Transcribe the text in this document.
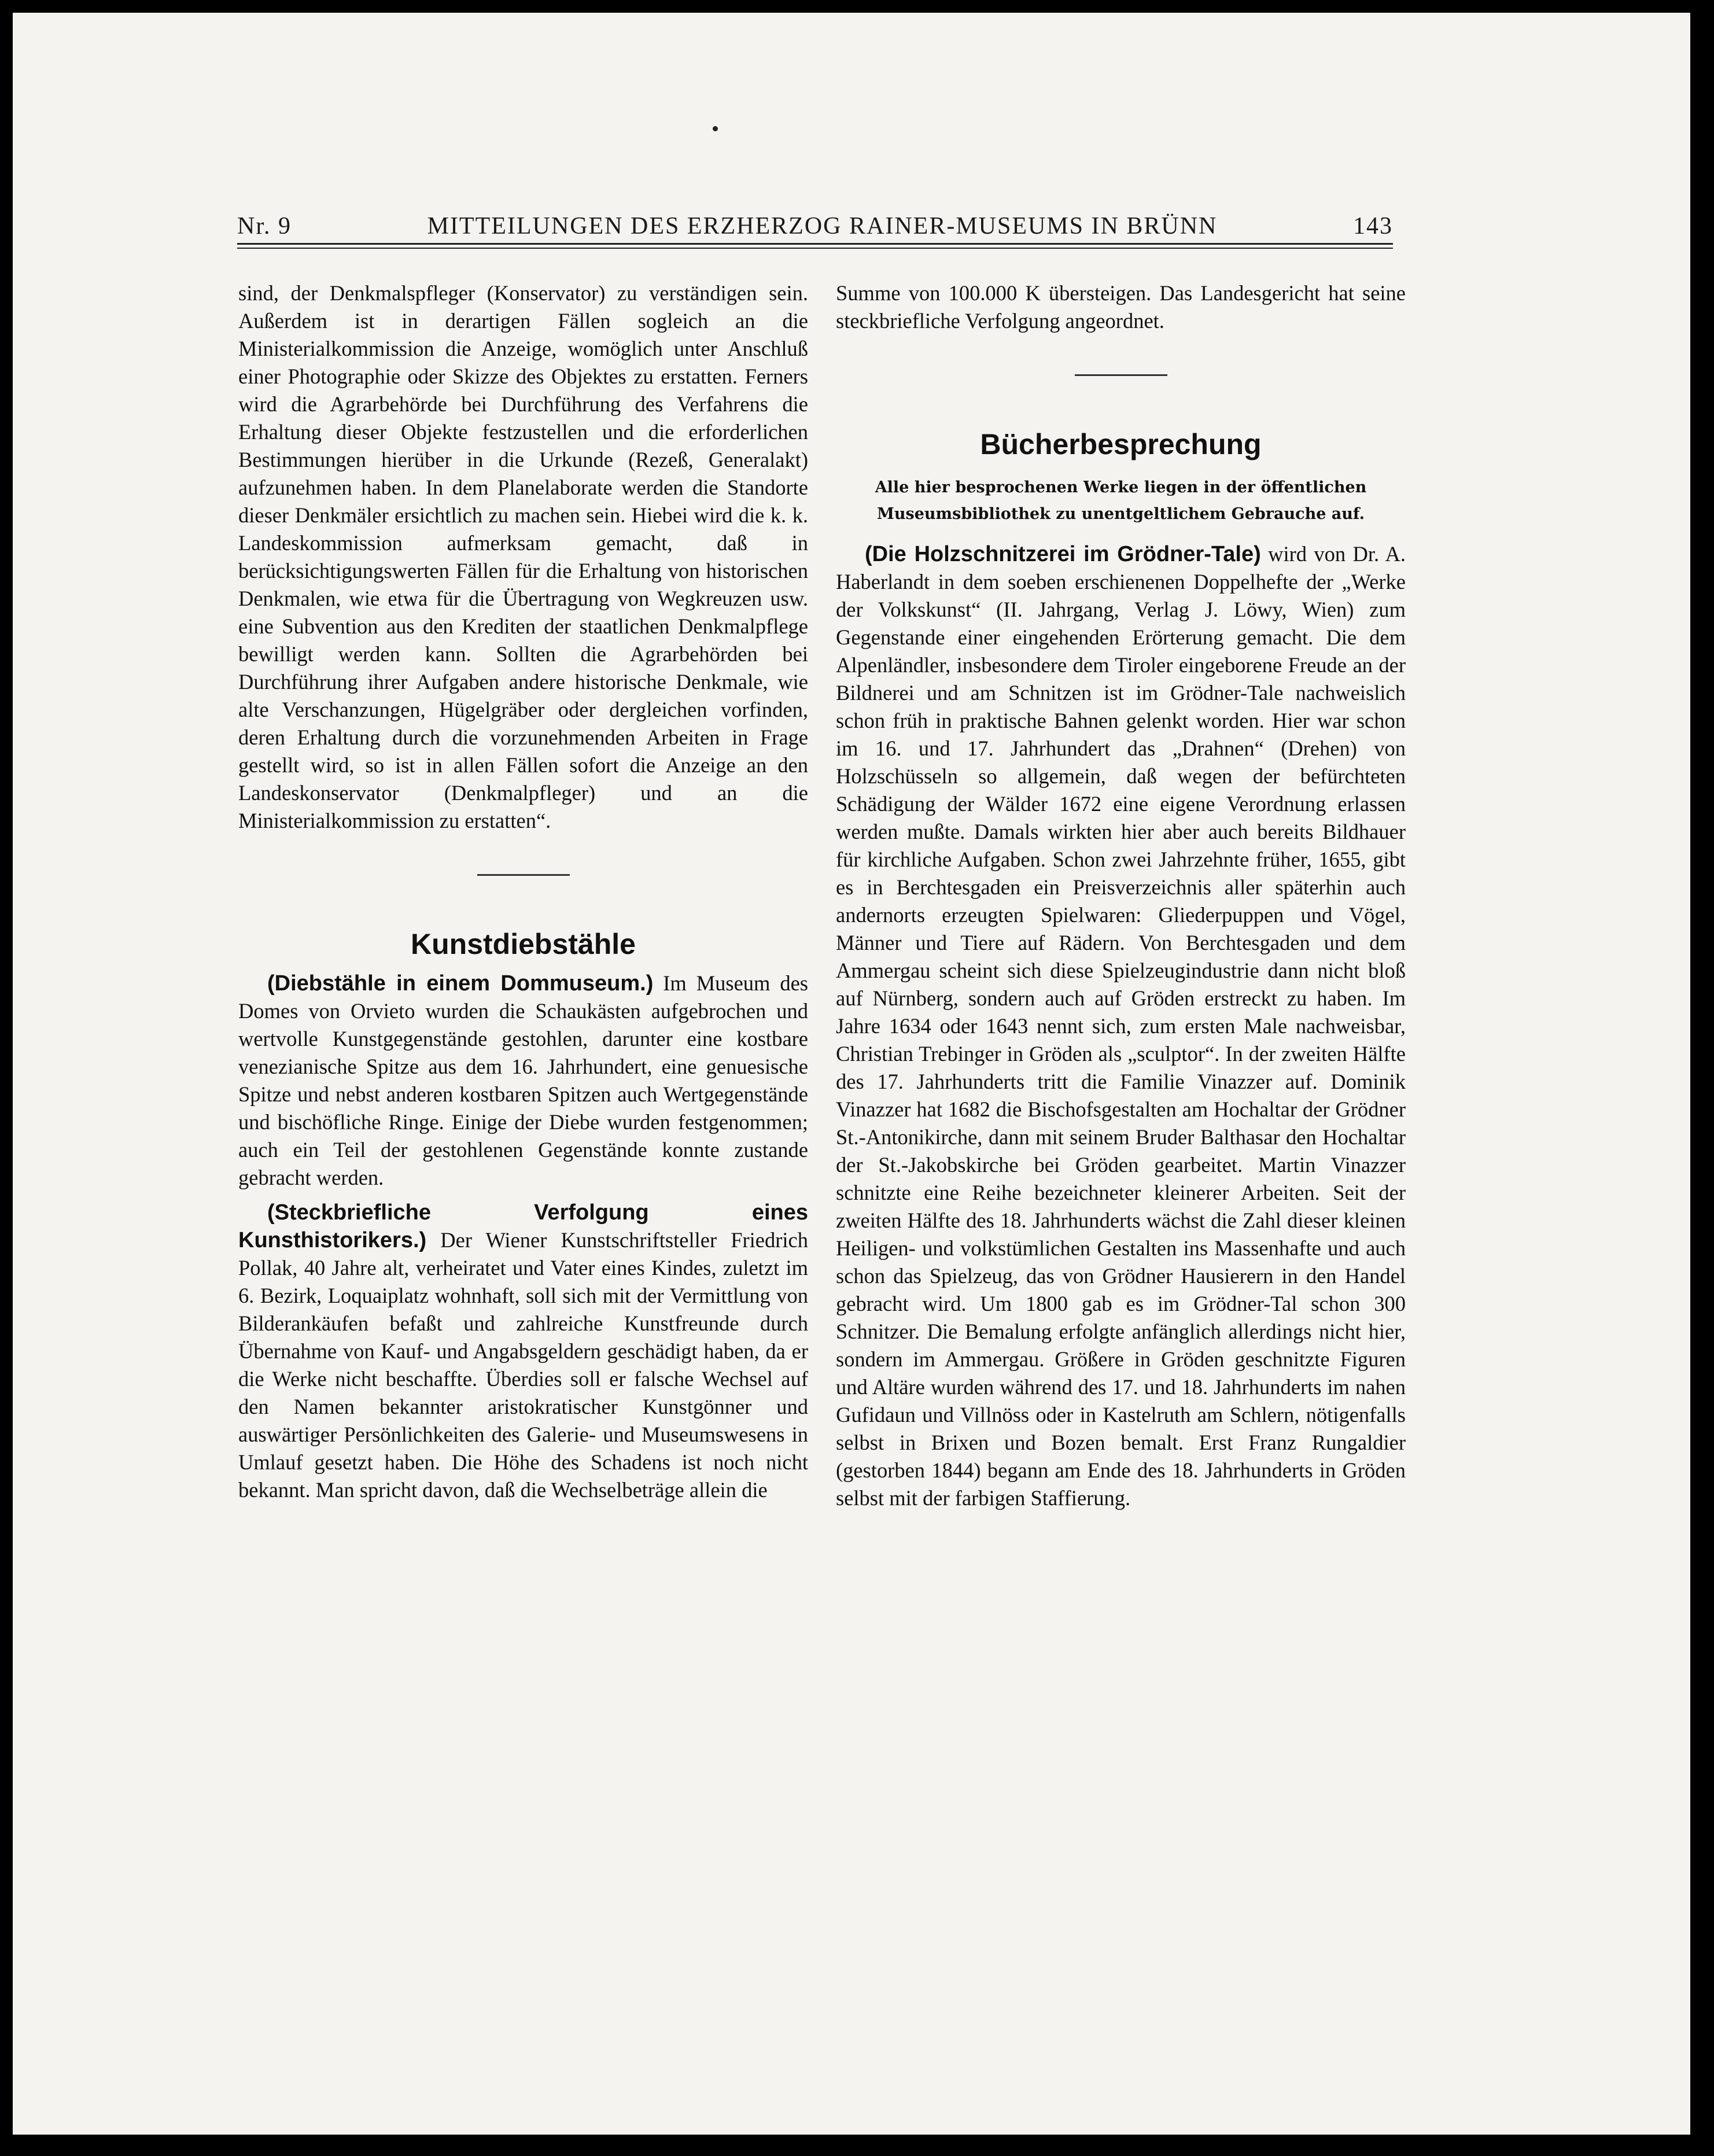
Nr. 9	MITTEILUNGEN DES ERZHERZOG RAINER-MUSEUMS IN BRÜNN	143

sind, der Denkmalspfleger (Konservator) zu verständigen sein. Außerdem ist in derartigen Fällen sogleich an die Ministerialkommission die Anzeige, womöglich unter Anschluß einer Photographie oder Skizze des Objektes zu erstatten. Ferners wird die Agrarbehörde bei Durchführung des Verfahrens die Erhaltung dieser Objekte festzustellen und die erforderlichen Bestimmungen hierüber in die Urkunde (Rezeß, Generalakt) aufzunehmen haben. In dem Planelaborate werden die Standorte dieser Denkmäler ersichtlich zu machen sein. Hiebei wird die k. k. Landeskommission aufmerksam gemacht, daß in berücksichtigungswerten Fällen für die Erhaltung von historischen Denkmalen, wie etwa für die Übertragung von Wegkreuzen usw. eine Subvention aus den Krediten der staatlichen Denkmalpflege bewilligt werden kann. Sollten die Agrarbehörden bei Durchführung ihrer Aufgaben andere historische Denkmale, wie alte Verschanzungen, Hügelgräber oder dergleichen vorfinden, deren Erhaltung durch die vorzunehmenden Arbeiten in Frage gestellt wird, so ist in allen Fällen sofort die Anzeige an den Landeskonservator (Denkmalpfleger) und an die Ministerialkommission zu erstatten“.

Kunstdiebstähle

(Diebstähle in einem Dommuseum.) Im Museum des Domes von Orvieto wurden die Schaukästen aufgebrochen und wertvolle Kunstgegenstände gestohlen, darunter eine kostbare venezianische Spitze aus dem 16. Jahrhundert, eine genuesische Spitze und nebst anderen kostbaren Spitzen auch Wertgegenstände und bischöfliche Ringe. Einige der Diebe wurden festgenommen; auch ein Teil der gestohlenen Gegenstände konnte zustande gebracht werden.

(Steckbriefliche Verfolgung eines Kunsthistorikers.) Der Wiener Kunstschriftsteller Friedrich Pollak, 40 Jahre alt, verheiratet und Vater eines Kindes, zuletzt im 6. Bezirk, Loquaiplatz wohnhaft, soll sich mit der Vermittlung von Bilderankäufen befaßt und zahlreiche Kunstfreunde durch Übernahme von Kauf- und Angabsgeldern geschädigt haben, da er die Werke nicht beschaffte. Überdies soll er falsche Wechsel auf den Namen bekannter aristokratischer Kunstgönner und auswärtiger Persönlichkeiten des Galerie- und Museumswesens in Umlauf gesetzt haben. Die Höhe des Schadens ist noch nicht bekannt. Man spricht davon, daß die Wechselbeträge allein die

Summe von 100.000 K übersteigen. Das Landesgericht hat seine steckbriefliche Verfolgung angeordnet.

Bücherbesprechung
Alle hier besprochenen Werke liegen in der öffentlichen Museumsbibliothek zu unentgeltlichem Gebrauche auf.

(Die Holzschnitzerei im Grödner-Tale) wird von Dr. A. Haberlandt in dem soeben erschienenen Doppelhefte der „Werke der Volkskunst“ (II. Jahrgang, Verlag J. Löwy, Wien) zum Gegenstande einer eingehenden Erörterung gemacht. Die dem Alpenländler, insbesondere dem Tiroler eingeborene Freude an der Bildnerei und am Schnitzen ist im Grödner-Tale nachweislich schon früh in praktische Bahnen gelenkt worden. Hier war schon im 16. und 17. Jahrhundert das „Drahnen“ (Drehen) von Holzschüsseln so allgemein, daß wegen der befürchteten Schädigung der Wälder 1672 eine eigene Verordnung erlassen werden mußte. Damals wirkten hier aber auch bereits Bildhauer für kirchliche Aufgaben. Schon zwei Jahrzehnte früher, 1655, gibt es in Berchtesgaden ein Preisverzeichnis aller späterhin auch andernorts erzeugten Spielwaren: Gliederpuppen und Vögel, Männer und Tiere auf Rädern. Von Berchtesgaden und dem Ammergau scheint sich diese Spielzeugindustrie dann nicht bloß auf Nürnberg, sondern auch auf Gröden erstreckt zu haben. Im Jahre 1634 oder 1643 nennt sich, zum ersten Male nachweisbar, Christian Trebinger in Gröden als „sculptor“. In der zweiten Hälfte des 17. Jahrhunderts tritt die Familie Vinazzer auf. Dominik Vinazzer hat 1682 die Bischofsgestalten am Hochaltar der Grödner St.-Antonikirche, dann mit seinem Bruder Balthasar den Hochaltar der St.-Jakobskirche bei Gröden gearbeitet. Martin Vinazzer schnitzte eine Reihe bezeichneter kleinerer Arbeiten. Seit der zweiten Hälfte des 18. Jahrhunderts wächst die Zahl dieser kleinen Heiligen- und volkstümlichen Gestalten ins Massenhafte und auch schon das Spielzeug, das von Grödner Hausierern in den Handel gebracht wird. Um 1800 gab es im Grödner-Tal schon 300 Schnitzer. Die Bemalung erfolgte anfänglich allerdings nicht hier, sondern im Ammergau. Größere in Gröden geschnitzte Figuren und Altäre wurden während des 17. und 18. Jahrhunderts im nahen Gufidaun und Villnöss oder in Kastelruth am Schlern, nötigenfalls selbst in Brixen und Bozen bemalt. Erst Franz Rungaldier (gestorben 1844) begann am Ende des 18. Jahrhunderts in Gröden selbst mit der farbigen Staffierung.
